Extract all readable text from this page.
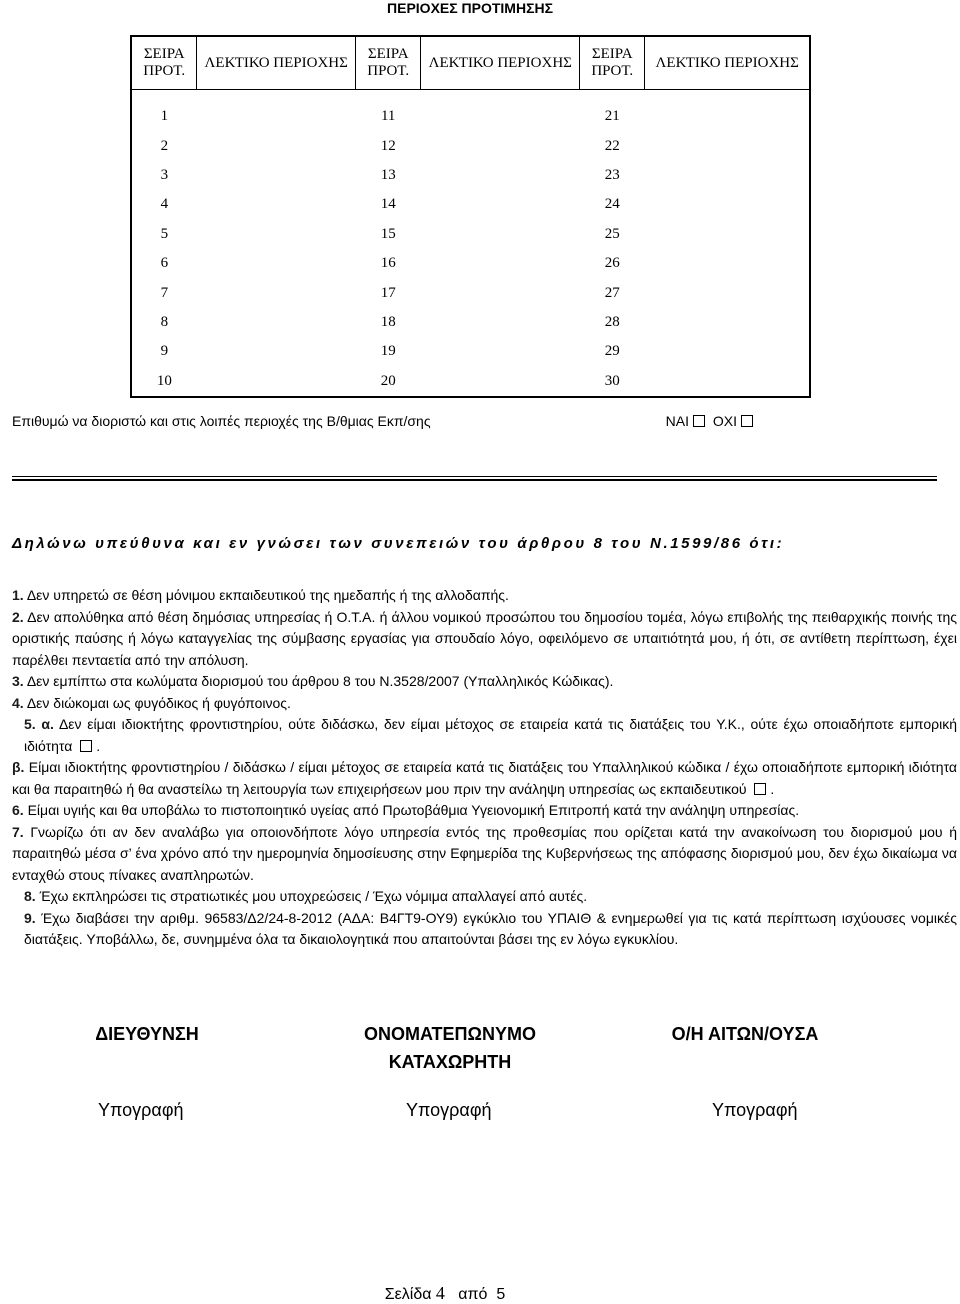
ΠΕΡΙΟΧΕΣ ΠΡΟΤΙΜΗΣΗΣ
ΣΕΙΡΑ ΠΡΟΤ.	ΛΕΚΤΙΚΟ ΠΕΡΙΟΧΗΣ	ΣΕΙΡΑ ΠΡΟΤ.	ΛΕΚΤΙΚΟ ΠΕΡΙΟΧΗΣ	ΣΕΙΡΑ ΠΡΟΤ.	ΛΕΚΤΙΚΟ ΠΕΡΙΟΧΗΣ

1		11		21	
2		12		22	
3		13		23	
4		14		24	
5		15		25	
6		16		26	
7		17		27	
8		18		28	
9		19		29	
10		20		30	
Επιθυμώ να διοριστώ και στις λοιπές περιοχές της Β/θμιας Εκπ/σης	ΝΑΙ ΟΧΙ
Δηλώνω υπεύθυνα και εν γνώσει των συνεπειών του άρθρου 8 του Ν.1599/86 ότι:

1. Δεν υπηρετώ σε θέση μόνιμου εκπαιδευτικού της ημεδαπής ή της αλλοδαπής.

2. Δεν απολύθηκα από θέση δημόσιας υπηρεσίας ή Ο.Τ.Α. ή άλλου νομικού προσώπου του δημοσίου τομέα, λόγω επιβολής της πειθαρχικής ποινής της οριστικής παύσης ή λόγω καταγγελίας της σύμβασης εργασίας για σπουδαίο λόγο, οφειλόμενο σε υπαιτιότητά μου, ή ότι, σε αντίθετη περίπτωση, έχει παρέλθει πενταετία από την απόλυση.

3. Δεν εμπίπτω στα κωλύματα διορισμού του άρθρου 8 του Ν.3528/2007 (Υπαλληλικός Κώδικας).

4. Δεν διώκομαι ως φυγόδικος ή φυγόποινος.

5. α. Δεν είμαι ιδιοκτήτης φροντιστηρίου, ούτε διδάσκω, δεν είμαι μέτοχος σε εταιρεία κατά τις διατάξεις του Υ.Κ., ούτε έχω οποιαδήποτε εμπορική ιδιότητα .

β. Είμαι ιδιοκτήτης φροντιστηρίου / διδάσκω / είμαι μέτοχος σε εταιρεία κατά τις διατάξεις του Υπαλληλικού κώδικα / έχω οποιαδήποτε εμπορική ιδιότητα και θα παραιτηθώ ή θα αναστείλω τη λειτουργία των επιχειρήσεων μου πριν την ανάληψη υπηρεσίας ως εκπαιδευτικού .

6. Είμαι υγιής και θα υποβάλω το πιστοποιητικό υγείας από Πρωτοβάθμια Υγειονομική Επιτροπή κατά την ανάληψη υπηρεσίας.

7. Γνωρίζω ότι αν δεν αναλάβω για οποιονδήποτε λόγο υπηρεσία εντός της προθεσμίας που ορίζεται κατά την ανακοίνωση του διορισμού μου ή παραιτηθώ μέσα σ’ ένα χρόνο από την ημερομηνία δημοσίευσης στην Εφημερίδα της Κυβερνήσεως της απόφασης διορισμού μου, δεν έχω δικαίωμα να ενταχθώ στους πίνακες αναπληρωτών.

8. Έχω εκπληρώσει τις στρατιωτικές μου υποχρεώσεις / Έχω νόμιμα απαλλαγεί από αυτές.

9. Έχω διαβάσει την αριθμ. 96583/Δ2/24-8-2012 (ΑΔΑ: Β4ΓΤ9-ΟΥ9) εγκύκλιο του ΥΠΑΙΘ & ενημερωθεί για τις κατά περίπτωση ισχύουσες νομικές διατάξεις. Υποβάλλω, δε, συνημμένα όλα τα δικαιολογητικά που απαιτούνται βάσει της εν λόγω εγκυκλίου.

ΔΙΕΥΘΥΝΣΗ	ΟΝΟΜΑΤΕΠΩΝΥΜΟ
ΚΑΤΑΧΩΡΗΤΗ
Ο/Η ΑΙΤΩΝ/ΟΥΣΑ
Υπογραφή	Υπογραφή	Υπογραφή
Σελίδα 4 από 5
